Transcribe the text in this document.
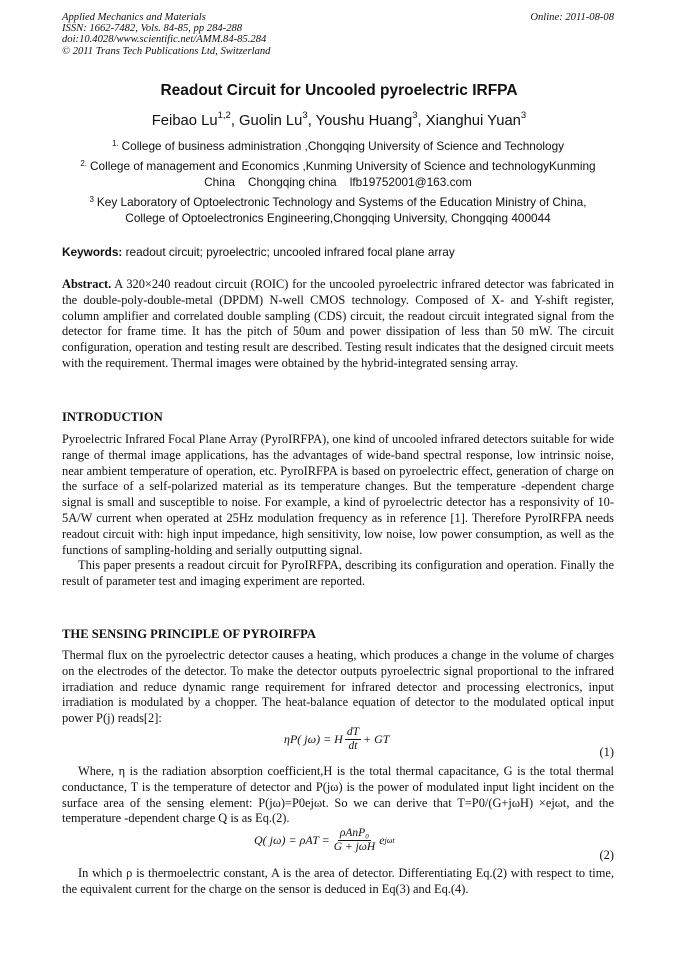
Applied Mechanics and Materials
ISSN: 1662-7482, Vols. 84-85, pp 284-288
doi:10.4028/www.scientific.net/AMM.84-85.284
© 2011 Trans Tech Publications Ltd, Switzerland
Online: 2011-08-08
Readout Circuit for Uncooled pyroelectric IRFPA
Feibao Lu$^{1,2}$, Guolin Lu$^3$, Youshu Huang$^3$, Xianghui Yuan$^3$
$^{1.}$ College of business administration ,Chongqing University of Science and Technology
$^{2.}$ College of management and Economics ,Kunming University of Science and technologyKunming
China    Chongqing china    lfb19752001@163.com
$^3$ Key Laboratory of Optoelectronic Technology and Systems of the Education Ministry of China,
College of Optoelectronics Engineering,Chongqing University, Chongqing 400044
Keywords: readout circuit; pyroelectric; uncooled infrared focal plane array
Abstract. A 320×240 readout circuit (ROIC) for the uncooled pyroelectric infrared detector was fabricated in the double-poly-double-metal (DPDM) N-well CMOS technology. Composed of X- and Y-shift register, column amplifier and correlated double sampling (CDS) circuit, the readout circuit integrated signal from the detector for frame time. It has the pitch of 50um and power dissipation of less than 50 mW. The circuit configuration, operation and testing result are described. Testing result indicates that the designed circuit meets with the requirement. Thermal images were obtained by the hybrid-integrated sensing array.
INTRODUCTION

Pyroelectric Infrared Focal Plane Array (PyroIRFPA), one kind of uncooled infrared detectors suitable for wide range of thermal image applications, has the advantages of wide-band spectral response, low intrinsic noise, near ambient temperature of operation, etc. PyroIRFPA is based on pyroelectric effect, generation of charge on the surface of a self-polarized material as its temperature changes. But the temperature -dependent charge signal is small and susceptible to noise. For example, a kind of pyroelectric detector has a responsivity of 10-5A/W current when operated at 25Hz modulation frequency as in reference [1]. Therefore PyroIRFPA needs readout circuit with: high input impedance, high sensitivity, low noise, low power consumption, as well as the functions of sampling-holding and serially outputting signal.

This paper presents a readout circuit for PyroIRFPA, describing its configuration and operation. Finally the result of parameter test and imaging experiment are reported.

THE SENSING PRINCIPLE OF PYROIRFPA
Thermal flux on the pyroelectric detector causes a heating, which produces a change in the volume of charges on the electrodes of the detector. To make the detector outputs pyroelectric signal proportional to the infrared irradiation and reduce dynamic range requirement for infrared detector and processing electronics, input irradiation is modulated by a chopper. The heat-balance equation of detector to the modulated optical input power P(j) reads[2]:
ηP( jω) = H $\frac{dT}{dt}$ + GT
(1)
Where, η is the radiation absorption coefficient,H is the total thermal capacitance, G is the total thermal conductance, T is the temperature of detector and P(jω) is the power of modulated input light incident on the surface area of the sensing element: P(jω)=P0ejωt. So we can derive that T=P0/(G+jωH) ×ejωt, and the temperature -dependent charge Q is as Eq.(2).
Q( $j\omega) = \rho AT = \frac{\text{ρAnP₀}}{\text{G + jωH}}$ e jωt
(2)
In which ρ is thermoelectric constant, A is the area of detector. Differentiating Eq.(2) with respect to time, the equivalent current for the charge on the sensor is deduced in Eq(3) and Eq.(4).
